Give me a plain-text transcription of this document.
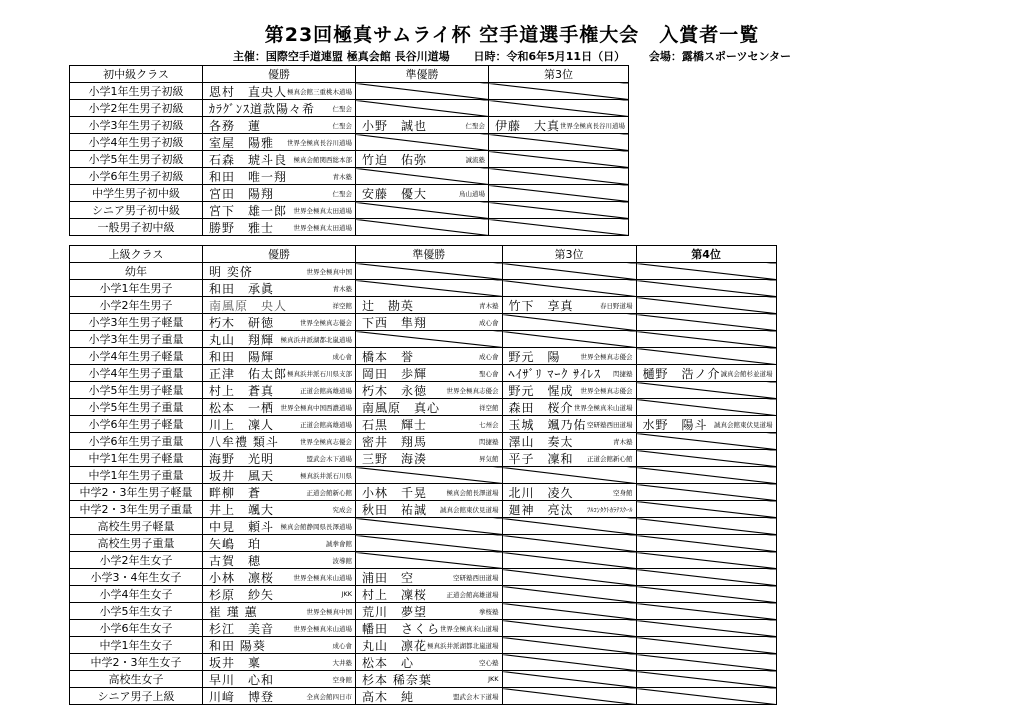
第23回極真サムライ杯 空手道選手権大会　入賞者一覧
主催：国際空手道連盟 極真会館 長谷川道場 日時：令和6年5月11日（日） 会場：露橋スポーツセンター
初中級クラス	優勝	準優勝	第3位
小学1年生男子初級	恩村　直央人 極真会館三重桃木道場		

小学2年生男子初級	ｶﾗｸﾞﾝｽ道款陽々希 仁聖会		

小学3年生男子初級	各務　蓮 仁聖会	小野　誠也 仁聖会	伊藤　大真 世界全極真長谷川道場

小学4年生男子初級	室屋　陽雅 世界全極真長谷川道場		

小学5年生男子初級	石森　琥斗良 極真会館関西総本部	竹迫　佑弥 誠流塾	

小学6年生男子初級	和田　唯一翔 青木塾		

中学生男子初中級	宮田　陽翔 仁聖会	安藤　優大 鳥山道場	

シニア男子初中級	宮下　雄一郎 世界全極真太田道場		

一般男子初中級	勝野　雅士 世界全極真太田道場		

上級クラス	優勝	準優勝	第3位	第4位
幼年	明 奕侪 世界全極真中国			

小学1年生男子	和田　承眞 青木塾			

小学2年生男子	南風原　央人 祥空館	辻　勘英 青木塾	竹下　享真 春日野道場	

小学3年生男子軽量	朽木　研徳 世界全極真志優会	下西　隼翔 成心會		

小学3年生男子重量	丸山　翔輝 極真浜井派湖都北嵐道場			

小学4年生男子軽量	和田　陽輝 成心會	橋本　誉 成心會	野元　陽 世界全極真志優会	

小学4年生男子重量	正津　佑太郎 極真浜井派石川県支部	岡田　歩輝 聖心會	ﾍｲｻﾞﾘ ﾏｰｸ ｻｲﾚｽ 閃捷塾	樋野　浩ノ介 誠真会館杉並道場

小学5年生男子軽量	村上　蒼真 正道会館高雄道場	朽木　永徳 世界全極真志優会	野元　惺成 世界全極真志優会	

小学5年生男子重量	松本　一栖 世界全極真中国西濃道場	南風原　真心 祥空館	森田　桜介 世界全極真米山道場	

小学6年生男子軽量	川上　凜人 正道会館高雄道場	石黒　輝士 七州会	玉城　颯乃佑 空研塾西田道場	水野　陽斗 誠真会館東伏見道場

小学6年生男子重量	八牟禮 類斗 世界全極真志優会	密井　翔馬 閃捷塾	澤山　奏太 青木塾	

中学1年生男子軽量	海野　光明 盟武会木下道場	三野　海湊 昇気館	平子　凜和 正道会館新心館	

中学1年生男子重量	坂井　風天 極真浜井派石川県			

中学2・3年生男子軽量	畔柳　蒼 正道会館新心館	小林　千晃 極真会館長澤道場	北川　凌久 空身館	

中学2・3年生男子重量	井上　颯大 究成会	秋田　祐誠 誠真会館東伏見道場	廻神　亮汰 ﾌﾙｺﾝﾀｸﾄｶﾗﾃｽｸｰﾙ	

高校生男子軽量	中見　頼斗 極真会館静岡県長澤道場			

高校生男子重量	矢嶋　珀 誠拳會館			

小学2年生女子	古賀　穂 波導館			

小学3・4年生女子	小林　凛桜 世界全極真米山道場	浦田　空 空研塾西田道場		

小学4年生女子	杉原　紗矢 JKK	村上　凜桜 正道会館高雄道場		

小学5年生女子	崔 瑾 蕙 世界全極真中国	荒川　夢望 拳桜塾		

小学6年生女子	杉江　美音 世界全極真米山道場	幡田　さくら 世界全極真米山道場		

中学1年生女子	和田 陽葵 成心會	丸山　凛花 極真浜井派湖都北嵐道場		

中学2・3年生女子	坂井　稟 大井塾	松本　心 空心塾		

高校生女子	早川　心和 空身館	杉本 稀奈葉 JKK		

シニア男子上級	川﨑　博登 全真会館四日市	高木　純 盟武会木下道場		
